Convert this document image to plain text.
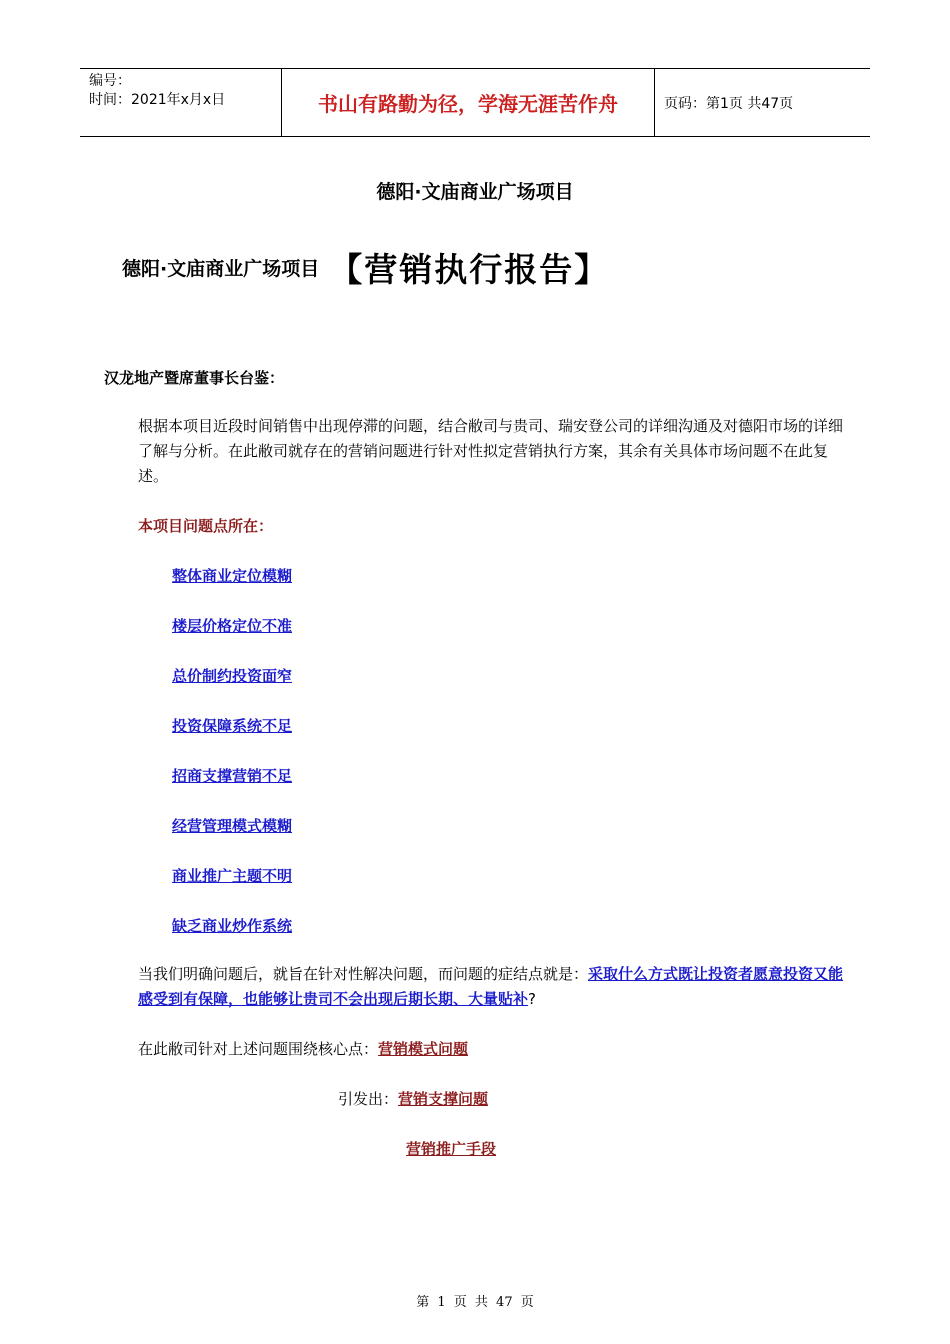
编号：
时间：2021年x月x日	书山有路勤为径，学海无涯苦作舟	页码：第1页 共47页
德阳·文庙商业广场项目
德阳·文庙商业广场项目 【营销执行报告】
汉龙地产暨席董事长台鉴：
根据本项目近段时间销售中出现停滞的问题，结合敝司与贵司、瑞安登公司的详细沟通及对德阳市场的详细了解与分析。在此敝司就存在的营销问题进行针对性拟定营销执行方案，其余有关具体市场问题不在此复述。
本项目问题点所在：
整体商业定位模糊
楼层价格定位不准
总价制约投资面窄
投资保障系统不足
招商支撑营销不足
经营管理模式模糊
商业推广主题不明
缺乏商业炒作系统
当我们明确问题后，就旨在针对性解决问题，而问题的症结点就是：采取什么方式既让投资者愿意投资又能感受到有保障，也能够让贵司不会出现后期长期、大量贴补?
在此敝司针对上述问题围绕核心点：营销模式问题
引发出：营销支撑问题
营销推广手段
第 1 页 共 47 页
